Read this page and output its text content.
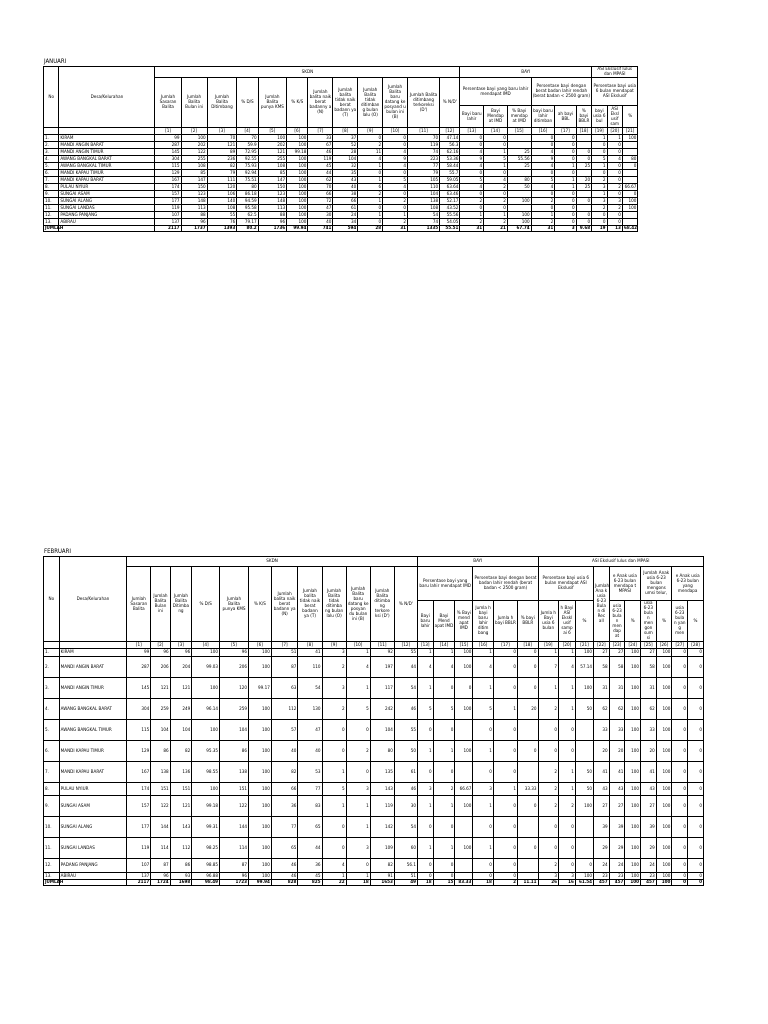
JANUARI
No	Desa/Kelurahan	SKDN												BAYI						ASI Ekslusif lulus dan MPASI		
		Jumlah Sasaran Balita	Jumlah Balita Bulan ini	Jumlah Balita Ditimbang	% D/S	Jumlah Balita punya KMS	% K/S	Jumlah balita naik berat badanny a (N)	Jumlah balita tidak naik berat badann ya (T)	Jumlah Balita tidak ditimban g bulan lalu (O)	Jumlah Balita baru datang ke posyand u bulan ini (B)	Jumlah Balita ditimbang terkoreksi (D')	% N/D'	Persentase bayi yang baru lahir mendapat IMD			Persentase bayi dengan berat badan lahir rendah (berat badan < 2500 gram)			Persentase bayi usia 6 bulan mendapat ASI Ekslusif		
														Bayi baru lahir	Bayi Mendap at IMD	% Bayi mendap at IMD	bayi baru lahir ditimban	ah bayi BBL	% bayi BBLR	bayi usia 6 bul	ASI Eksl usif sam	%
		[1]	[2]	[3]	[4]	[5]	[6]	[7]	[8]	[9]	[10]	[11]	[12]	[13]	[14]	[15]	[16]	[17]	[18]	[19]	[20]	[21]
1.	KIRAM	99	100	70	70	100	100	33	37	0	0	70	47.14	0	0		0	0		1	1	100
2.	MANDI ANGIN BARAT	287	202	121	59.9	202	100	67	52	2	0	119	56.3	0	0		0	0		0	0	
3.	MANDI ANGIN TIMUR	145	122	89	72.95	121	99.18	46	28	11	4	74	62.16	4	1	25	4	0	0	0	0	
4.	AWANG BANGKAL BARAT	304	255	236	92.55	255	100	119	104	4	9	223	53.36	9	5	55.56	9	0	0	5	4	80
5.	AWANG BANGKAL TIMUR	115	108	82	75.93	108	100	45	32	1	4	77	58.44	4	1	25	4	1	25	1	0	0
6.	MANDI KAPAU TIMUR	129	85	79	92.94	85	100	44	35	0	0	79	55.7	0	0		0	0		0	0	
7.	MANDI KAPAU BARAT	167	147	111	75.51	147	100	62	43	1	5	105	59.05	5	4	80	5	1	20	2	0	
8.	PULAU NYIUR	174	150	120	80	150	100	70	40	6	4	110	63.64	4	2	50	4	1	25	3	2	66.67
9.	SUNGAI ASAM	157	123	106	86.18	123	100	66	38	2	0	104	63.46	0	0		0	0		1	0	0
10.	SUNGAI ALANG	177	148	140	94.59	148	100	72	66	1	2	138	52.17	2	2	100	2	0	0	3	3	100
11.	SUNGAI LANDAS	119	113	108	95.58	113	100	47	61	0	0	108	43.52	0	0		0	0		2	2	100
12.	PADANG PANJANG	107	88	55	62.5	88	100	30	24	1	1	54	55.56	1	1	100	1	0	0	0	0	
13.	ABIRAU	137	96	76	79.17	96	100	40	34	0	2	74	54.05	2	2	100	2	0	0	0	0	
JUMLAH		2117	1737	1393	80.2	1736	99.94	741	594	28	31	1335	55.51	31	21	67.74	31	3	9.68	19	13	68.42
FEBRUARI
No	Desa/Kelurahan	SKDN												BAYI						ASI Ekslusif lulus dan MPASI									
		Jumlah Sasaran Balita	Jumlah Balita Bulan ini	Jumlah Balita Ditimba ng	% D/S	Jumlah Balita punya KMS	% K/S	Jumlah balita naik berat badann ya (N)	Jumlah balita tidak naik berat badann ya (T)	Jumlah Balita tidak ditimba ng bulan lalu (O)	Jumlah Balita baru datang ke posyan du bulan ini (B)	Jumlah Balita ditimba ng terkore ksi (D')	% N/D'	Persentase bayi yang baru lahir mendapat IMD			Persentase bayi dengan berat badan lahir rendah (berat badan < 2500 gram)			Persentase bayi usia 6 bulan mendapat ASI Ekslusif			Jumlah Ana k usia 6-23 Bula n di Rec all	e Anak usia 6-23 bulan mendapa t MPASI		Jumlah Anak usia 6-23 bulan mengons umsi telur,		e Anak usia 6-23 bulan yang mendapa	
														Bayi baru lahir	Bayi Mend apat IMD	% Bayi mend apat IMD	Jumla h bayi baru lahir ditim bang	Jumla h bayi BBLR	% bayi BBLR	Jumla h Bayi usia 6 bulan	h Bayi ASI Ekskl usif samp ai 6	%		usia 6-23 bula n men dap at	%	usia 6-23 bula n men gon sum si	%	usia 6-23 bula n yan g men	%
		[1]	[2]	[3]	[4]	[5]	[6]	[7]	[8]	[9]	[10]	[11]	[12]	[13]	[14]	[15]	[16]	[17]	[18]	[19]	[20]	[21]	[22]	[23]	[24]	[25]	[26]	[27]	[28]
1.	KIRAM	99	96	96	100	96	100	51	41	3	1	92	55	1	1	100	1	0	0	1	1	100	27	27	100	27	100	0	0
2.	MANDI ANGIN BARAT	287	206	204	99.03	206	100	87	110	2	4	197	44	4	4	100	4	0	0	7	4	57.14	58	58	100	58	100	0	0
3.	MANDI ANGIN TIMUR	145	121	121	100	120	99.17	63	54	3	1	117	54	1	0	0	1	0	0	1	1	100	31	31	100	31	100	0	0
4.	AWANG BANGKAL BARAT	304	259	249	96.14	259	100	112	130	2	5	242	46	5	5	100	5	1	20	2	1	50	62	62	100	62	100	0	0
5.	AWANG BANGKAL TIMUR	115	104	104	100	104	100	57	47	0	0	104	55	0	0		0	0		0	0		33	33	100	33	100	0	0
6.	MANDI KAPAU TIMUR	129	86	82	95.35	86	100	40	40	0	2	80	50	1	1	100	1	0	0	0	0		20	20	100	20	100	0	0
7.	MANDI KAPAU BARAT	167	138	136	98.55	138	100	82	53	1	0	135	61	0	0		0	0		2	1	50	41	41	100	41	100	0	0
8.	PULAU NYIUR	174	151	151	100	151	100	66	77	5	3	143	46	3	2	66.67	3	1	33.33	2	1	50	43	43	100	43	100	0	0
9.	SUNGAI ASAM	157	122	121	99.18	122	100	36	83	1	1	119	30	1	1	100	1	0	0	2	2	100	27	27	100	27	100	0	0
10.	SUNGAI ALANG	177	144	143	99.31	144	100	77	65	0	1	142	54	0	0		0	0		0	0		39	39	100	39	100	0	0
11.	SUNGAI LANDAS	119	114	112	98.25	114	100	65	44	0	3	109	60	1	1	100	1	0	0	0	0		29	29	100	29	100	0	0
12.	PADANG PANJANG	107	87	86	98.85	87	100	46	36	4	0	82	56.1	0	0		0	0		2	0	0	24	24	100	24	100	0	0
13.	ABIRAU	137	96	93	96.88	96	100	46	45	1	1	91	51	0	0		0	0		3	3	100	23	23	100	23	100	0	0
JUMLAH		2117	1724	1698	98.49	1723	99.94	828	825	22	18	1653	49	18	15	83.33	18	2	11.11	26	16	61.54	457	457	100	457	100	0	0
